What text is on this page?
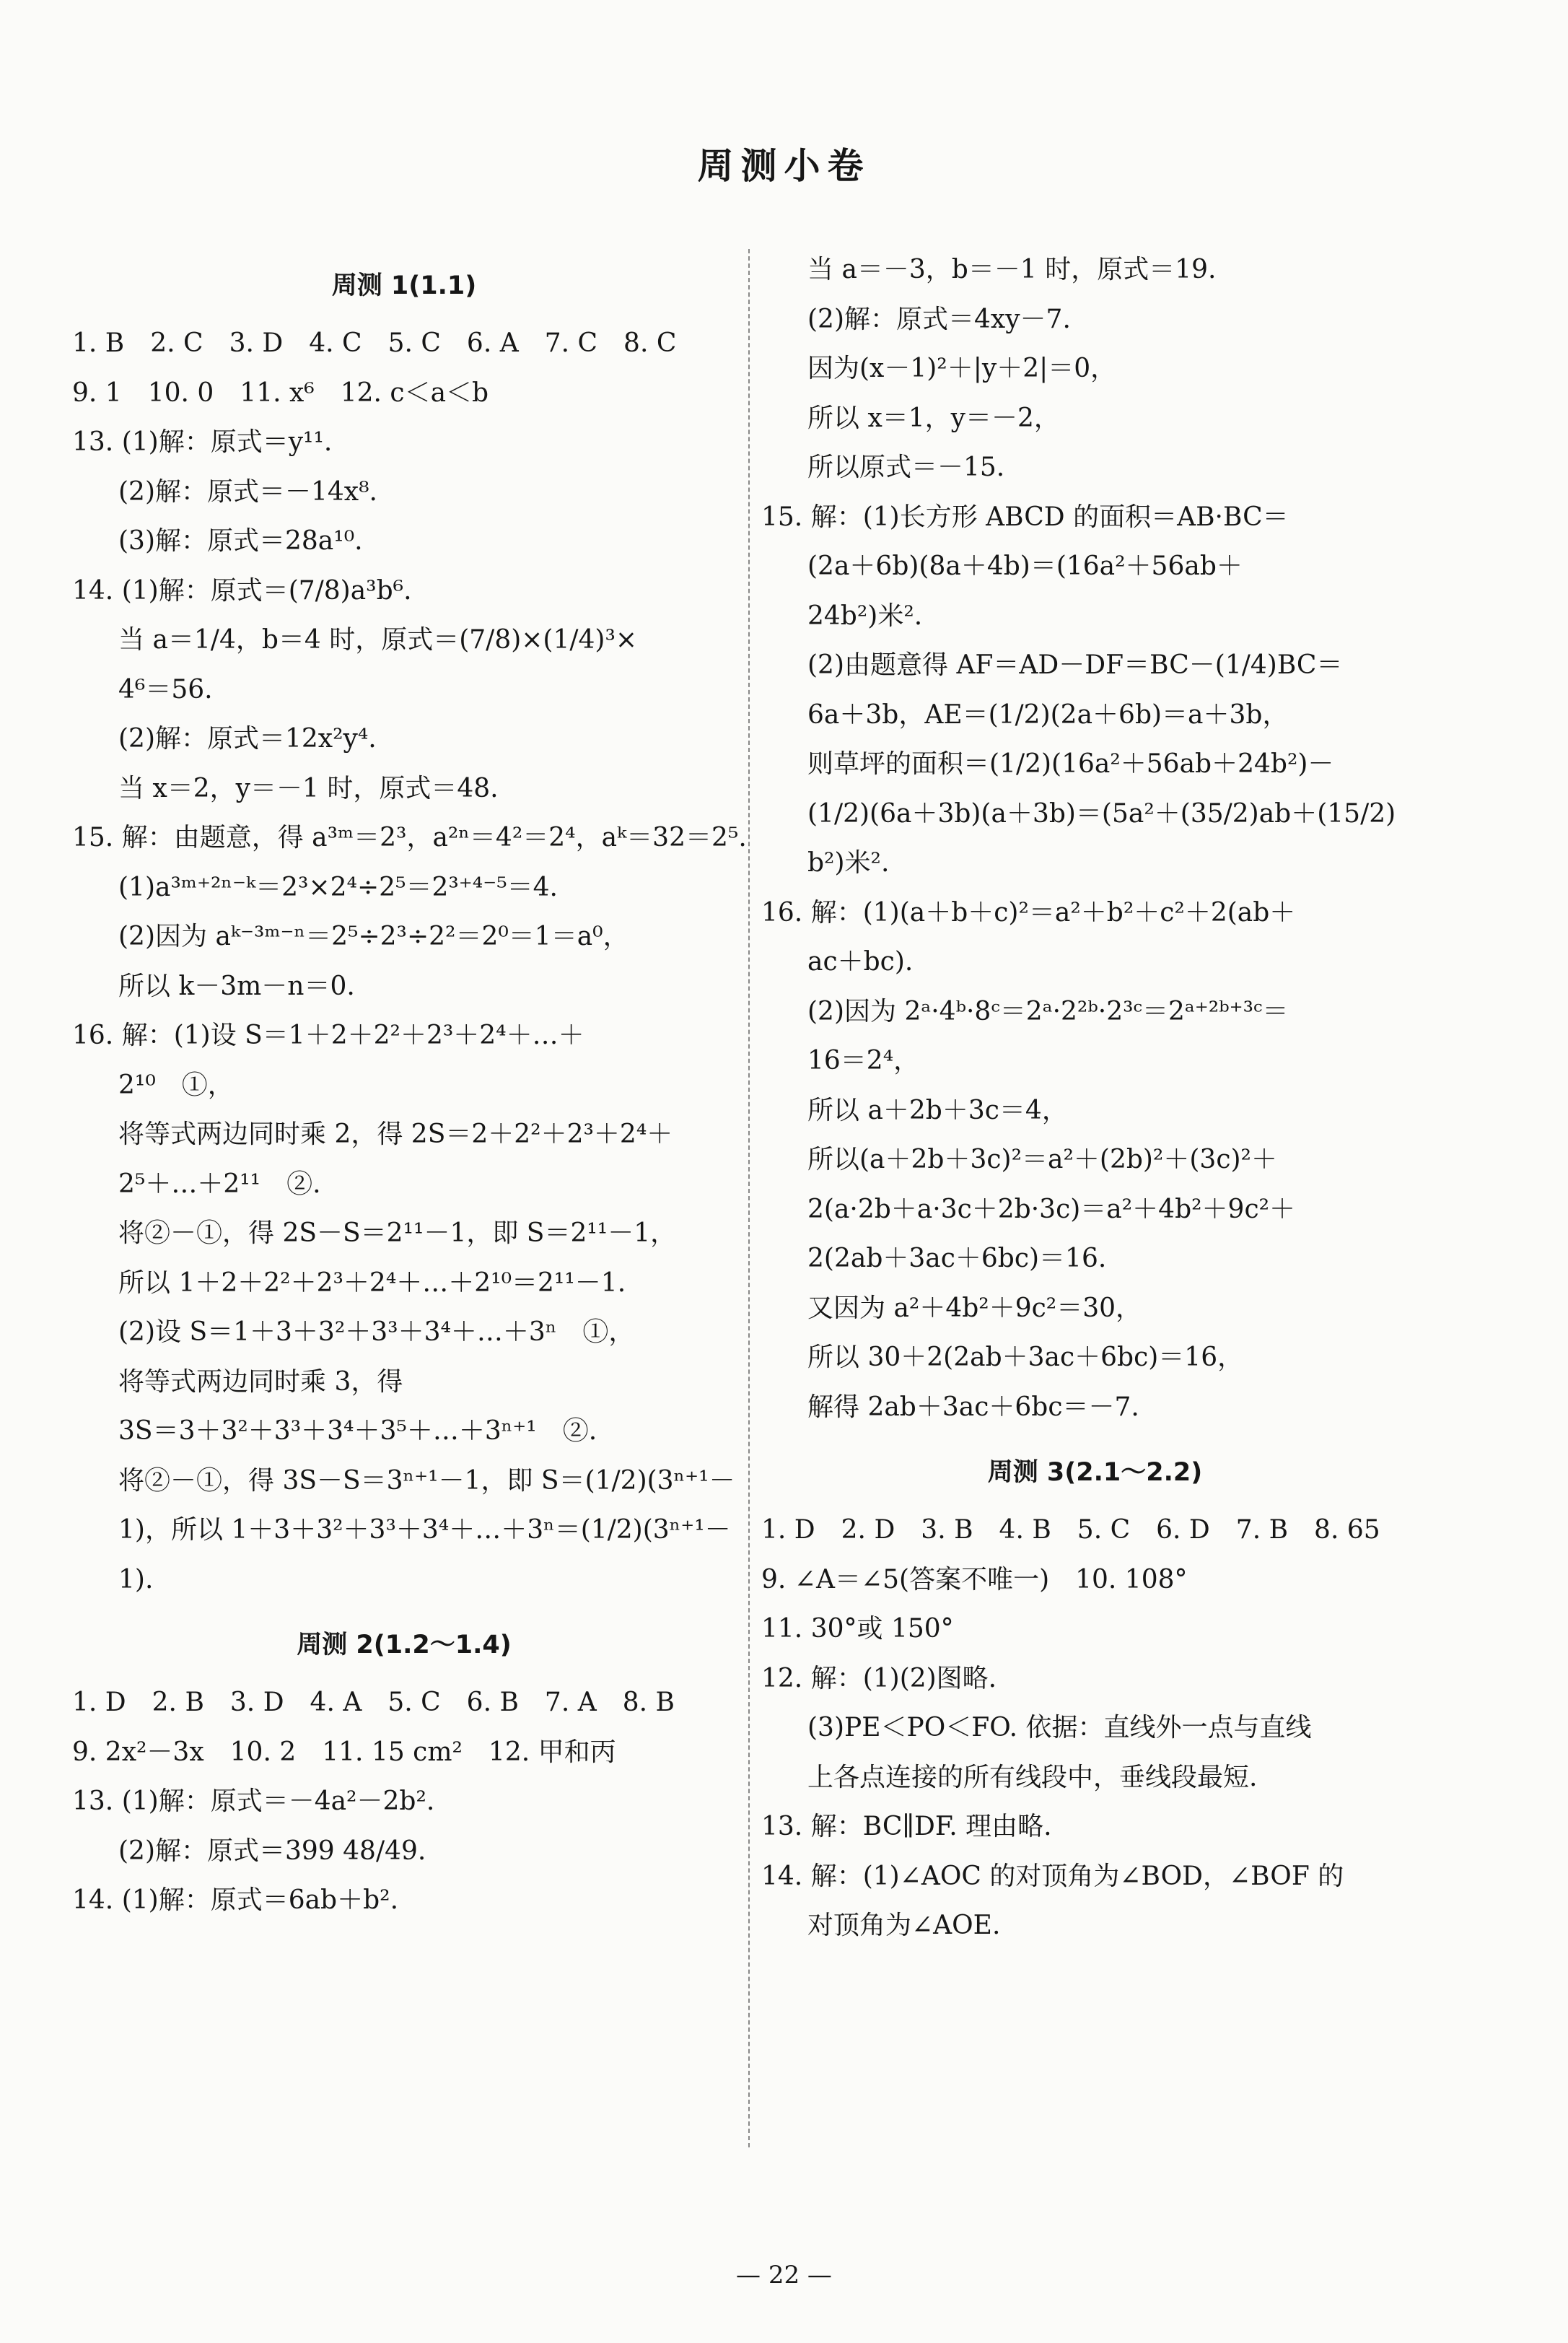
周测小卷
周测 1(1.1)
1. B　2. C　3. D　4. C　5. C　6. A　7. C　8. C
9. 1　10. 0　11. x⁶　12. c＜a＜b
13. (1)解：原式＝y¹¹.
(2)解：原式＝－14x⁸.
(3)解：原式＝28a¹⁰.
14. (1)解：原式＝(7/8)a³b⁶.
当 a＝1/4，b＝4 时，原式＝(7/8)×(1/4)³×
4⁶＝56.
(2)解：原式＝12x²y⁴.
当 x＝2，y＝－1 时，原式＝48.
15. 解：由题意，得 a³ᵐ＝2³，a²ⁿ＝4²＝2⁴，aᵏ＝32＝2⁵.
(1)a³ᵐ⁺²ⁿ⁻ᵏ＝2³×2⁴÷2⁵＝2³⁺⁴⁻⁵＝4.
(2)因为 aᵏ⁻³ᵐ⁻ⁿ＝2⁵÷2³÷2²＝2⁰＝1＝a⁰，
所以 k－3m－n＝0.
16. 解：(1)设 S＝1＋2＋2²＋2³＋2⁴＋…＋
2¹⁰　①，
将等式两边同时乘 2，得 2S＝2＋2²＋2³＋2⁴＋
2⁵＋…＋2¹¹　②.
将②－①，得 2S－S＝2¹¹－1，即 S＝2¹¹－1，
所以 1＋2＋2²＋2³＋2⁴＋…＋2¹⁰＝2¹¹－1.
(2)设 S＝1＋3＋3²＋3³＋3⁴＋…＋3ⁿ　①，
将等式两边同时乘 3，得
3S＝3＋3²＋3³＋3⁴＋3⁵＋…＋3ⁿ⁺¹　②.
将②－①，得 3S－S＝3ⁿ⁺¹－1，即 S＝(1/2)(3ⁿ⁺¹－
1)，所以 1＋3＋3²＋3³＋3⁴＋…＋3ⁿ＝(1/2)(3ⁿ⁺¹－
1).
周测 2(1.2～1.4)
1. D　2. B　3. D　4. A　5. C　6. B　7. A　8. B
9. 2x²－3x　10. 2　11. 15 cm²　12. 甲和丙
13. (1)解：原式＝－4a²－2b².
(2)解：原式＝399 48/49.
14. (1)解：原式＝6ab＋b².
当 a＝－3，b＝－1 时，原式＝19.
(2)解：原式＝4xy－7.
因为(x－1)²＋|y＋2|＝0，
所以 x＝1，y＝－2，
所以原式＝－15.
15. 解：(1)长方形 ABCD 的面积＝AB·BC＝
(2a＋6b)(8a＋4b)＝(16a²＋56ab＋
24b²)米².
(2)由题意得 AF＝AD－DF＝BC－(1/4)BC＝
6a＋3b，AE＝(1/2)(2a＋6b)＝a＋3b，
则草坪的面积＝(1/2)(16a²＋56ab＋24b²)－
(1/2)(6a＋3b)(a＋3b)＝(5a²＋(35/2)ab＋(15/2)
b²)米².
16. 解：(1)(a＋b＋c)²＝a²＋b²＋c²＋2(ab＋
ac＋bc).
(2)因为 2ᵃ·4ᵇ·8ᶜ＝2ᵃ·2²ᵇ·2³ᶜ＝2ᵃ⁺²ᵇ⁺³ᶜ＝
16＝2⁴，
所以 a＋2b＋3c＝4，
所以(a＋2b＋3c)²＝a²＋(2b)²＋(3c)²＋
2(a·2b＋a·3c＋2b·3c)＝a²＋4b²＋9c²＋
2(2ab＋3ac＋6bc)＝16.
又因为 a²＋4b²＋9c²＝30，
所以 30＋2(2ab＋3ac＋6bc)＝16，
解得 2ab＋3ac＋6bc＝－7.
周测 3(2.1～2.2)
1. D　2. D　3. B　4. B　5. C　6. D　7. B　8. 65
9. ∠A＝∠5(答案不唯一)　10. 108°
11. 30°或 150°
12. 解：(1)(2)图略.
(3)PE＜PO＜FO. 依据：直线外一点与直线
上各点连接的所有线段中，垂线段最短.
13. 解：BC∥DF. 理由略.
14. 解：(1)∠AOC 的对顶角为∠BOD，∠BOF 的
对顶角为∠AOE.
— 22 —
